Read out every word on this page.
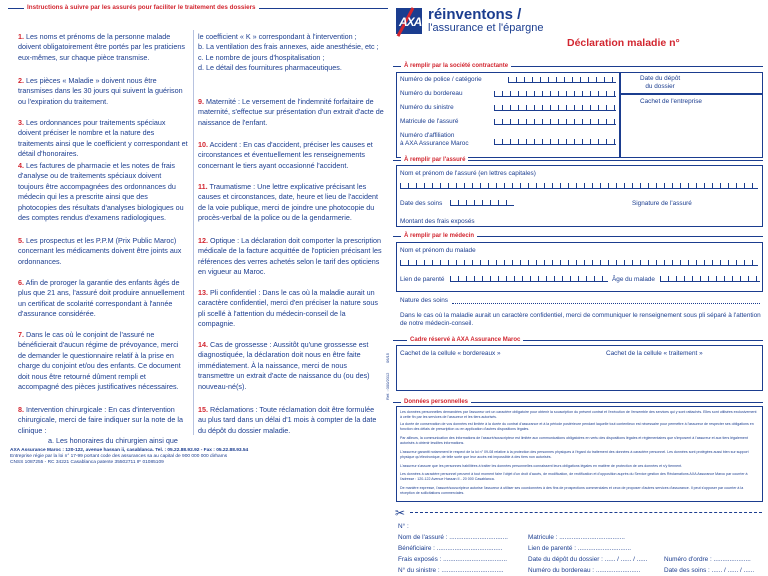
Instructions à suivre par les assurés pour faciliter le traitement des dossiers
1. Les noms et prénoms de la personne malade doivent obligatoirement être portés par les praticiens eux-mêmes, sur chaque pièce transmise.
2. Les pièces « Maladie » doivent nous être transmises dans les 30 jours qui suivent la guérison ou l'expiration du traitement.
3. Les ordonnances pour traitements spéciaux doivent préciser le nombre et la nature des traitements ainsi que le coefficient y correspondant et détail d'honoraires.
4. Les factures de pharmacie et les notes de frais d'analyse ou de traitements spéciaux doivent toujours être accompagnées des ordonnances du médecin qui les a prescrite ainsi que des photocopies des résultats d'analyses biologiques ou des comptes rendus d'examens radiologiques.
5. Les prospectus et les P.P.M (Prix Public Maroc) concernant les médicaments doivent être joints aux ordonnances.
6. Afin de proroger la garantie des enfants âgés de plus que 21 ans, l'assuré doit produire annuellement un certificat de scolarité correspondant à l'année d'assurance considérée.
7. Dans le cas où le conjoint de l'assuré ne bénéficierait d'aucun régime de prévoyance, merci de demander le questionnaire relatif à la prise en charge du conjoint et/ou des enfants. Ce document doit nous être retourné dûment rempli et accompagné des pièces justificatives nécessaires.
8. Intervention chirurgicale : En cas d'intervention chirurgicale, merci de faire indiquer sur la note de la clinique :
a. Les honoraires du chirurgien ainsi que
le coefficient « K » correspondant à l'intervention ;
b. La ventilation des frais annexes, aide anesthésie, etc ;
c. Le nombre de jours d'hospitalisation ;
d. Le détail des fournitures pharmaceutiques.
9. Maternité : Le versement de l'indemnité forfaitaire de maternité, s'effectue sur présentation d'un extrait d'acte de naissance de l'enfant.
10. Accident : En cas d'accident, préciser les causes et circonstances et éventuellement les renseignements concernant le tiers ayant occasionné l'accident.
11. Traumatisme : Une lettre explicative précisant les causes et circonstances, date, heure et lieu de l'accident de la voie publique, merci de joindre une photocopie du procès-verbal de la police ou de la gendarmerie.
12. Optique : La déclaration doit comporter la prescription médicale de la facture acquittée de l'opticien précisant les références des verres achetés selon le tarif des opticiens en vigueur au Maroc.
13. Pli confidentiel : Dans le cas où la maladie aurait un caractère confidentiel, merci d'en préciser la nature sous pli scellé à l'attention du médecin-conseil de la compagnie.
14. Cas de grossesse : Aussitôt qu'une grossesse est diagnostiquée, la déclaration doit nous en être faite immédiatement. À la naissance, merci de nous transmettre un extrait d'acte de naissance du (ou des) nouveau-né(s).
15. Réclamations : Toute réclamation doit être formulée au plus tard dans un délai d'1 mois à compter de la date du dépôt du dossier maladie.
AXA Assurance Maroc : 120-122, avenue hassan ii, casablanca. Tel. : 05.22.88.92.92 - Fax : 05.22.88.93.54
Entreprise régie par la loi n° 17-99 portant code des assurances sa au capital de 900 000 000 dirhams
CNSS 1087255 - RC 34221 Casablanca patente 35502711 IF 01085109
AXA réinventons /
l'assurance et l'épargne
Déclaration maladie n°
06/15
Réf. : 000/2012
À remplir par la société contractante
Numéro de police / catégorie
Numéro du bordereau
Numéro du sinistre
Matricule de l'assuré
Numéro d'affiliation
à AXA Assurance Maroc
Date du dépôt
du dossier
Cachet de l'entreprise
À remplir par l'assuré
Nom et prénom de l'assuré (en lettres capitales)
Date des soins	Signature de l'assuré
Montant des frais exposés
À remplir par le médecin
Nom et prénom du malade
Lien de parenté	Âge du malade
Nature des soins
Dans le cas où la maladie aurait un caractère confidentiel, merci de communiquer le renseignement sous pli séparé à l'attention de notre médecin-conseil.
Cadre réservé à AXA Assurance Maroc
Cachet de la cellule « bordereaux »	Cachet de la cellule « traitement »
Données personnelles
Les données personnelles demandées par l'assureur ont un caractère obligatoire pour obtenir la souscription du présent contrat et l'exécution de l'ensemble des services qui y sont rattachés. Elles sont utilisées exclusivement à cette fin par les services de l'assureur et les tiers autorisés.
La durée de conservation de vos données est limitée à la durée du contrat d'assurance et à la période postérieure pendant laquelle tout contentieux est nécessaire pour permettre à l'assureur de respecter ses obligations en fonction des délais de prescription ou en application d'autres dispositions légales.
Par ailleurs, la communication des informations de l'assuré/souscripteur est limitée aux communications obligatoires en vertu des dispositions légales et réglementaires que s'imposent à l'assureur et aux tiers légalement autorisés à obtenir lesdites informations.
L'assureur garantit notamment le respect de la loi n° 09-08 relative à la protection des personnes physiques à l'égard du traitement des données à caractère personnel. Les données sont protégées aussi bien sur support physique qu'électronique, de telle sorte que leur accès est impossible à des tiers non autorisés.
L'assureur s'assure que les personnes habilitées à traiter les données personnelles connaissent leurs obligations légales en matière de protection de ces données et s'y tiennent.
Les données à caractère personnel peuvent à tout moment faire l'objet d'un droit d'accès, de modification, de rectification et d'opposition auprès du Service gestion des Réclamations AXA Assurance Maroc par courrier à l'adresse : 120-122 Avenue Hassan II - 20 000 Casablanca.
De manière expresse, l'assuré/souscripteur autorise l'assureur à utiliser ses coordonnées à des fins de prospections commerciales et ceux de proposer d'autres services d'assurance. Il peut s'opposer par courrier à la réception de sollicitations commerciales.
✂
N° :
Nom de l'assuré : .................................
Bénéficiaire : .....................................
Frais exposés : ....................................
N° du sinistre : ...................................
Matricule : .....................................
Lien de parenté : ..............................
Date du dépôt du dossier : ...... / ...... / ......
Numéro du bordereau : .........................
Numéro d'ordre : .....................
Date des soins : ...... / ...... / ......
